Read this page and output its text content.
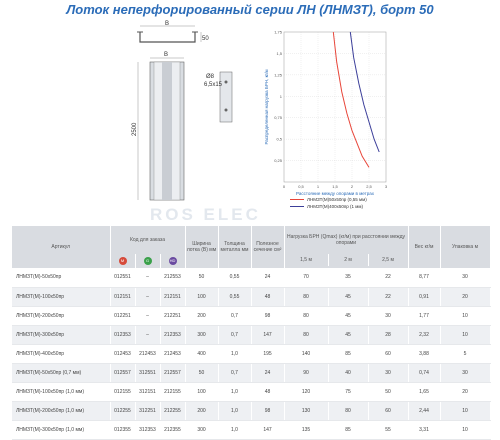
Лоток неперфорированный серии ЛН (ЛНМЗТ), борт 50
50
B
B
2500
Ø8
6,5x15
0,25
0,5
0,75
1
1,25
1,5
1,75
0	0,5	1	1,5	2	2,5	3
Распределенная нагрузка БРН, кг/м
Расстояние между опорами в метрах
ЛНМЗТ(М)50х50пр (0,55 мм)
ЛНМЗТ(М)400х50пр (1 мм)
ROS ELEC
Артикул	Код для заказа			Ширина лотка (B) мм	Толщина металла мм	Полезное сечение см²	Нагрузка БРН (Qmax) (кг/м) при расстоянии между опорами			Вес кг/м	Упаковка м
	M	G	HD				1,5 м	2 м	2,5 м		

ЛНМЗТ(М)-50х50пр	012551	–	212553	50	0,55	24	70	35	22	8,77	30
ЛНМЗТ(М)-100х50пр	012151	–	212151	100	0,55	48	80	45	22	0,91	20
ЛНМЗТ(М)-200х50пр	012251	–	212251	200	0,7	98	80	45	30	1,77	10
ЛНМЗТ(М)-300х50пр	012353	–	212353	300	0,7	147	80	45	28	2,32	10
ЛНМЗТ(М)-400х50пр	012453	212453	212453	400	1,0	195	140	85	60	3,88	5
ЛНМЗТ(М)-50х50пр (0,7 мм)	012557	312551	212557	50	0,7	24	90	40	30	0,74	30
ЛНМЗТ(М)-100х50пр (1,0 мм)	012155	312151	212155	100	1,0	48	120	75	50	1,65	20
ЛНМЗТ(М)-200х50пр (1,0 мм)	012255	312251	212255	200	1,0	98	130	80	60	2,44	10
ЛНМЗТ(М)-300х50пр (1,0 мм)	012355	312353	212355	300	1,0	147	135	85	55	3,31	10
